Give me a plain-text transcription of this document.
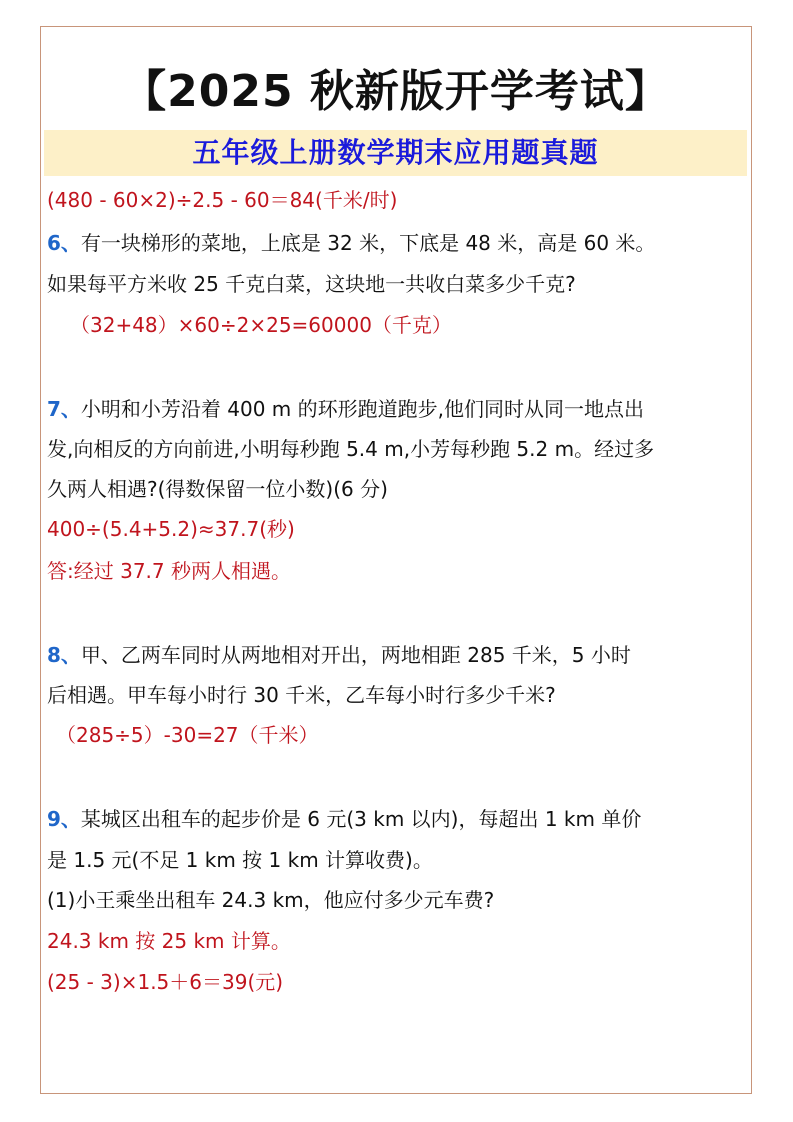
【2025 秋新版开学考试】
五年级上册数学期末应用题真题
(480 - 60×2)÷2.5 - 60＝84(千米/时)
6、有一块梯形的菜地，上底是 32 米，下底是 48 米，高是 60 米。
如果每平方米收 25 千克白菜，这块地一共收白菜多少千克?
（32+48）×60÷2×25=60000（千克）
7、小明和小芳沿着 400 m 的环形跑道跑步,他们同时从同一地点出
发,向相反的方向前进,小明每秒跑 5.4 m,小芳每秒跑 5.2 m。经过多
久两人相遇?(得数保留一位小数)(6 分)
400÷(5.4+5.2)≈37.7(秒)
答:经过 37.7 秒两人相遇。
8、甲、乙两车同时从两地相对开出，两地相距 285 千米，5 小时
后相遇。甲车每小时行 30 千米，乙车每小时行多少千米?
（285÷5）-30=27（千米）
9、某城区出租车的起步价是 6 元(3 km 以内)，每超出 1 km 单价
是 1.5 元(不足 1 km 按 1 km 计算收费)。
(1)小王乘坐出租车 24.3 km，他应付多少元车费?
24.3 km 按 25 km 计算。
(25 - 3)×1.5＋6＝39(元)
